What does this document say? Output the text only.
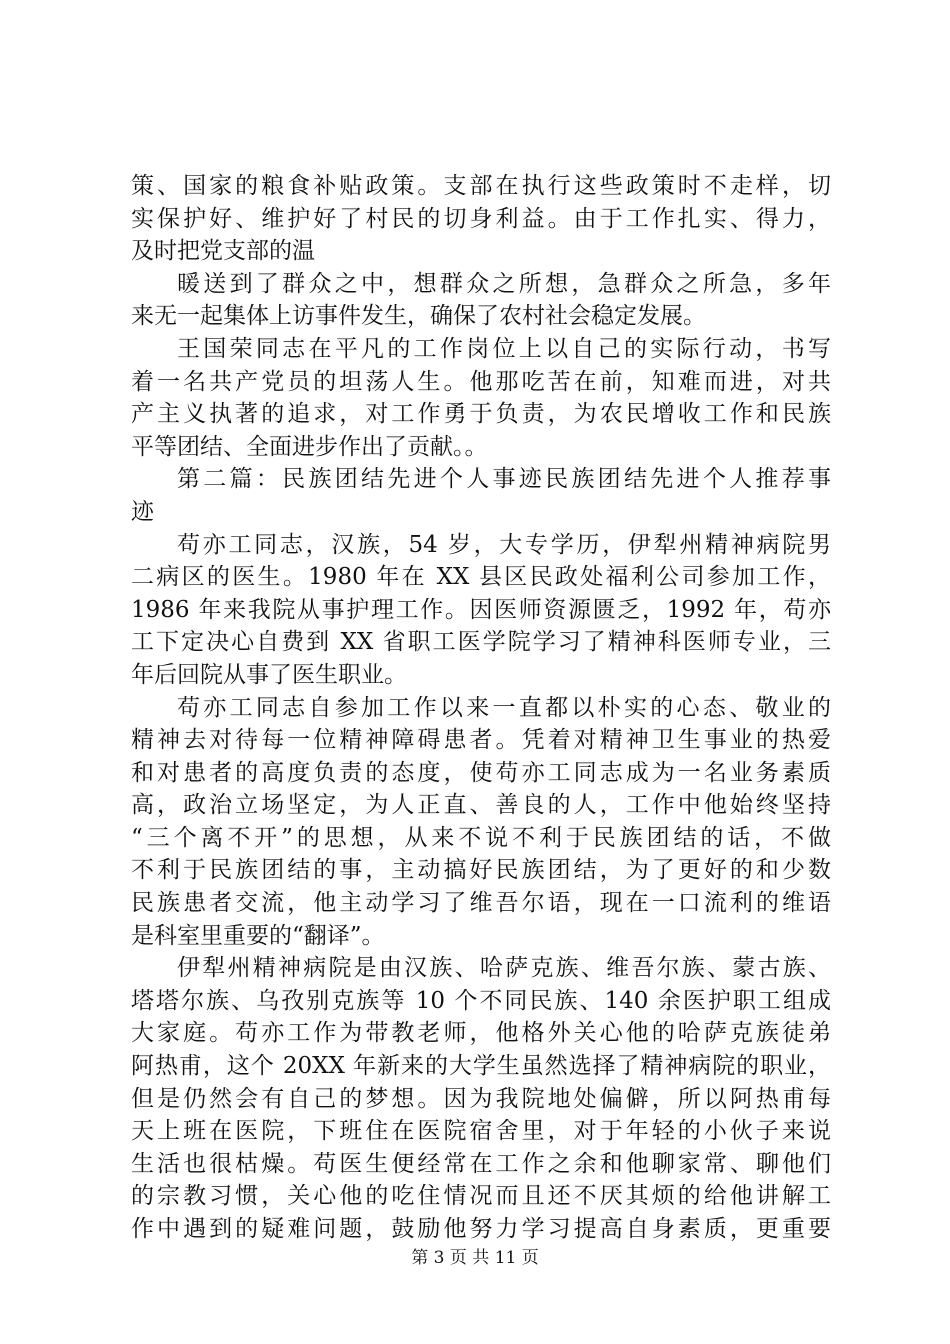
策、国家的粮食补贴政策。支部在执行这些政策时不走样，切
实保护好、维护好了村民的切身利益。由于工作扎实、得力，
及时把党支部的温
暖送到了群众之中，想群众之所想，急群众之所急，多年
来无一起集体上访事件发生，确保了农村社会稳定发展。
王国荣同志在平凡的工作岗位上以自己的实际行动，书写
着一名共产党员的坦荡人生。他那吃苦在前，知难而进，对共
产主义执著的追求，对工作勇于负责，为农民增收工作和民族
平等团结、全面进步作出了贡献。。
第二篇：民族团结先进个人事迹民族团结先进个人推荐事
迹
苟亦工同志，汉族，54 岁，大专学历，伊犁州精神病院男
二病区的医生。1980 年在 XX 县区民政处福利公司参加工作，
1986 年来我院从事护理工作。因医师资源匮乏，1992 年，苟亦
工下定决心自费到 XX 省职工医学院学习了精神科医师专业，三
年后回院从事了医生职业。
苟亦工同志自参加工作以来一直都以朴实的心态、敬业的
精神去对待每一位精神障碍患者。凭着对精神卫生事业的热爱
和对患者的高度负责的态度，使苟亦工同志成为一名业务素质
高，政治立场坚定，为人正直、善良的人，工作中他始终坚持
“三个离不开”的思想，从来不说不利于民族团结的话，不做
不利于民族团结的事，主动搞好民族团结，为了更好的和少数
民族患者交流，他主动学习了维吾尔语，现在一口流利的维语
是科室里重要的“翻译”。
伊犁州精神病院是由汉族、哈萨克族、维吾尔族、蒙古族、
塔塔尔族、乌孜别克族等 10 个不同民族、140 余医护职工组成
大家庭。苟亦工作为带教老师，他格外关心他的哈萨克族徒弟
阿热甫，这个 20XX 年新来的大学生虽然选择了精神病院的职业，
但是仍然会有自己的梦想。因为我院地处偏僻，所以阿热甫每
天上班在医院，下班住在医院宿舍里，对于年轻的小伙子来说
生活也很枯燥。苟医生便经常在工作之余和他聊家常、聊他们
的宗教习惯，关心他的吃住情况而且还不厌其烦的给他讲解工
作中遇到的疑难问题，鼓励他努力学习提高自身素质，更重要
第 3 页 共 11 页
